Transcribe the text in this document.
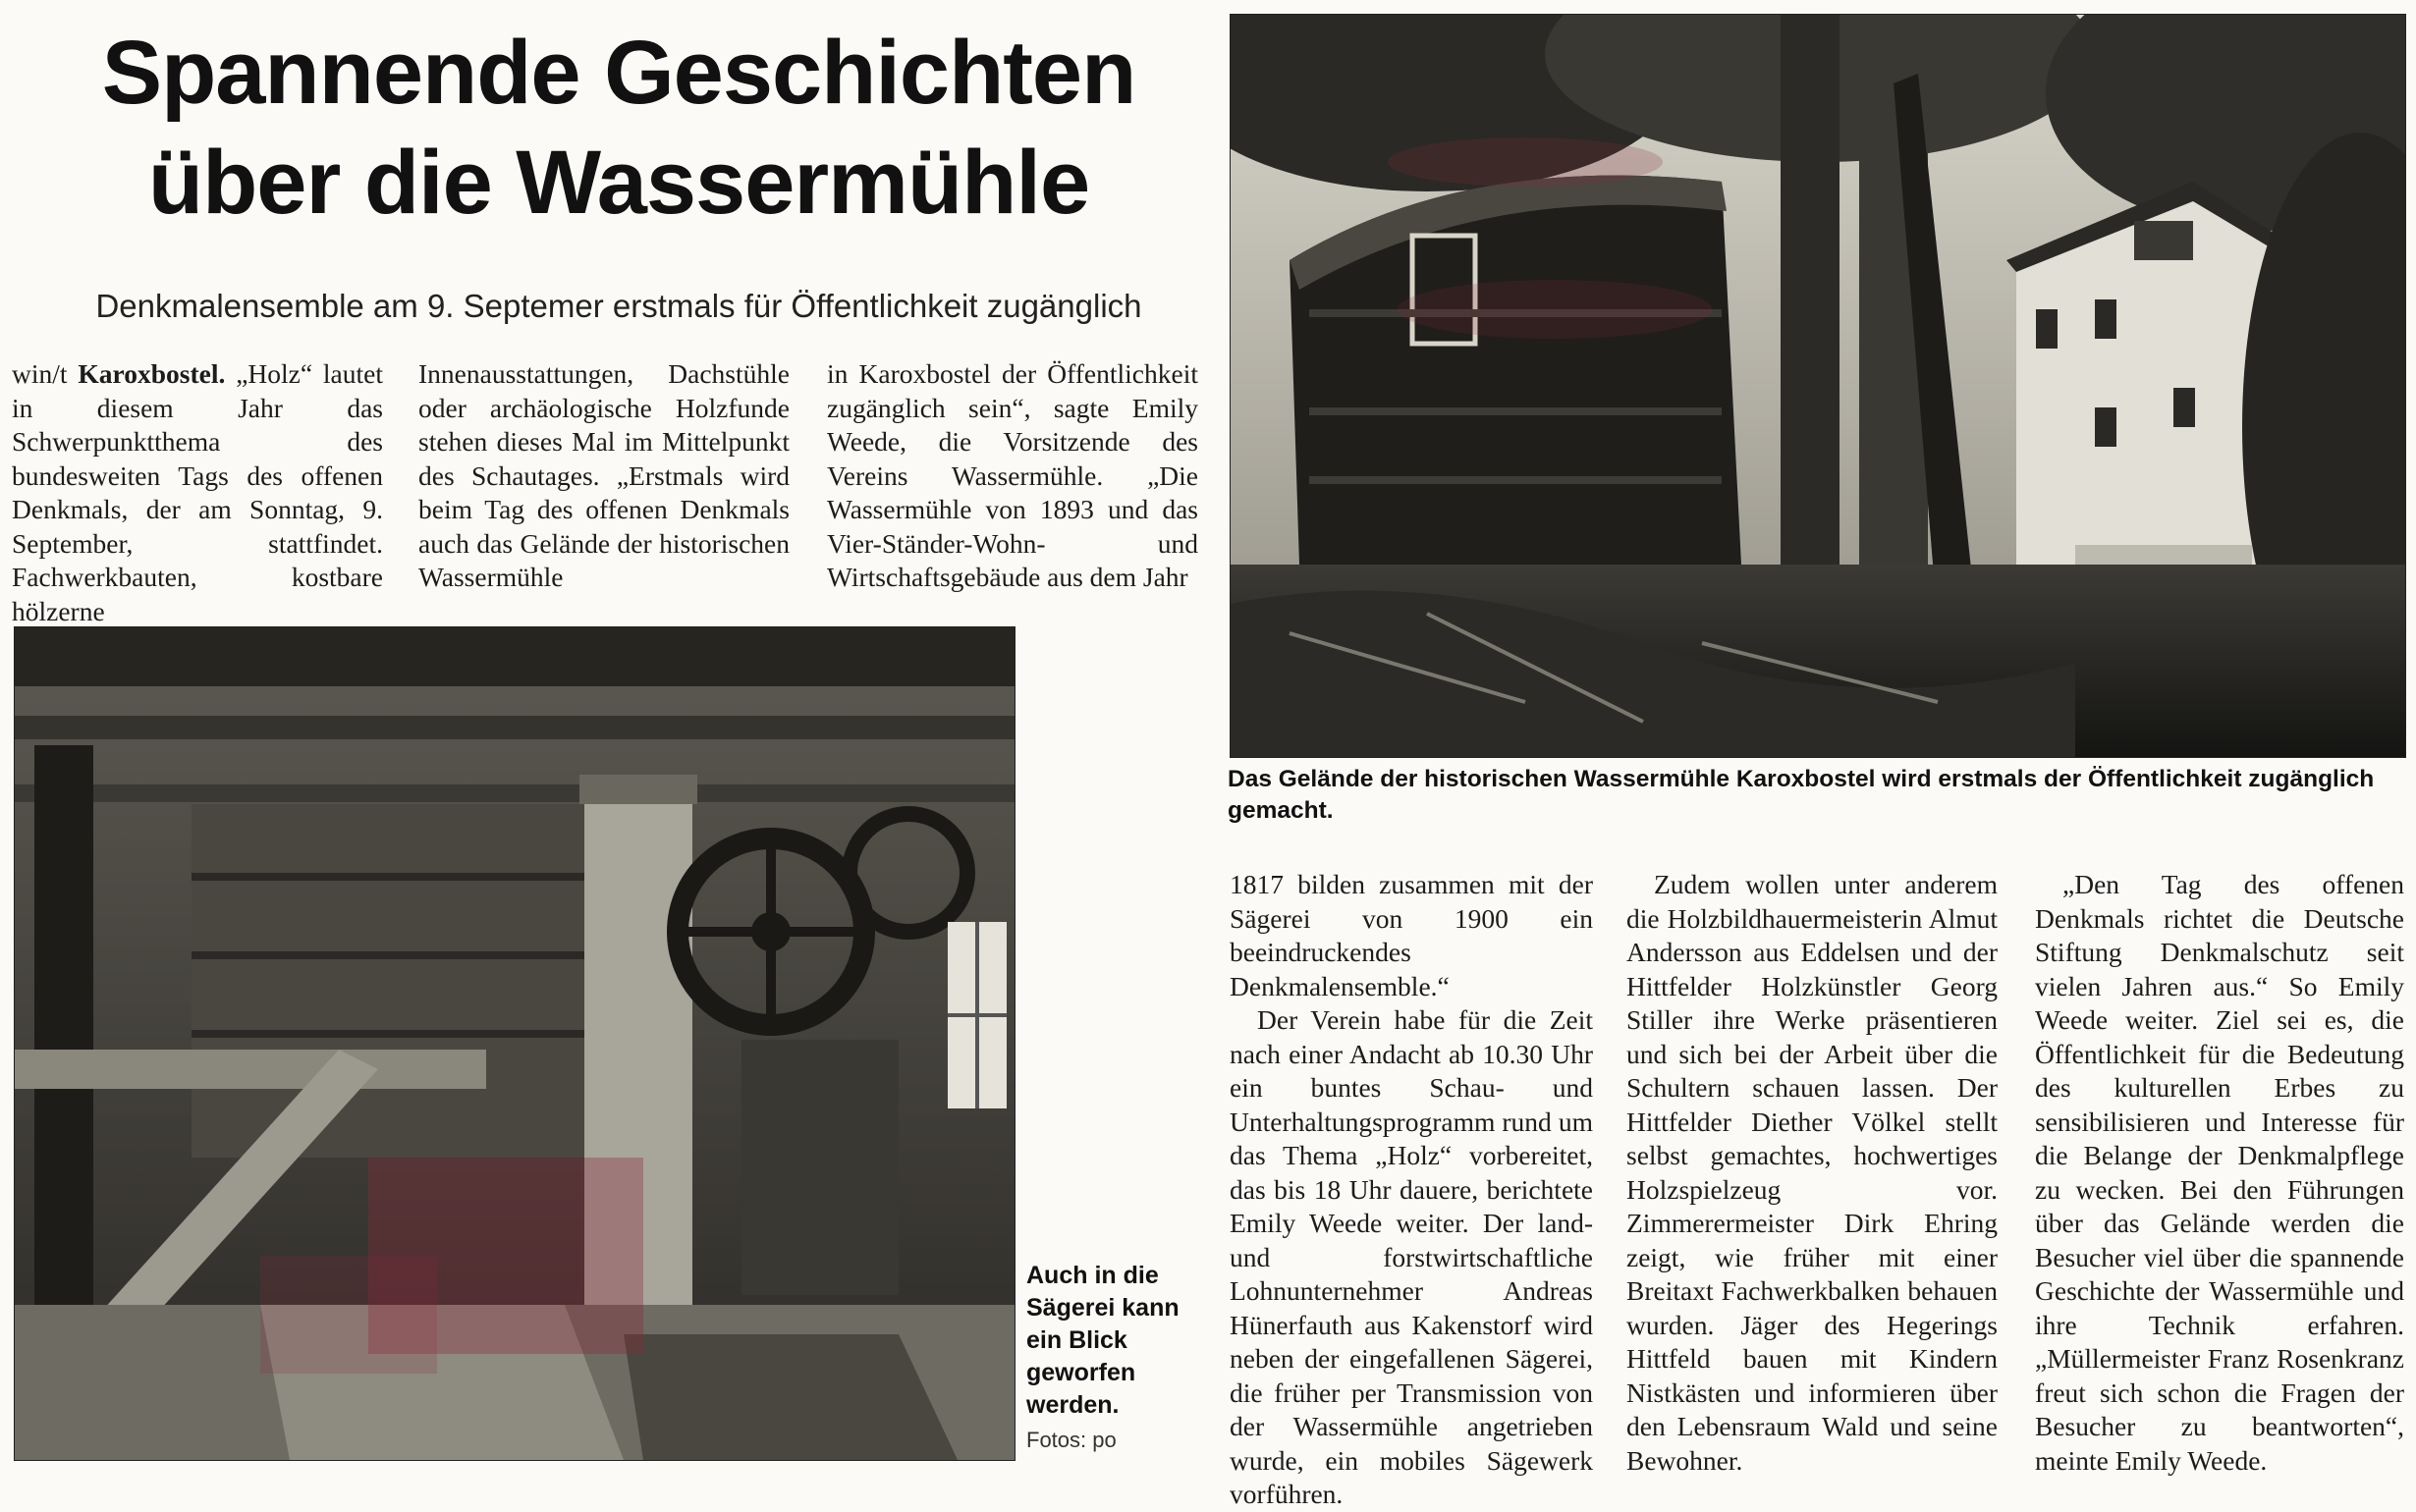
Spannende Geschichten
über die Wassermühle
Denkmalensemble am 9. Septemer erstmals für Öffentlichkeit zugänglich

win/t Karoxbostel. „Holz“ lautet in diesem Jahr das Schwerpunktthema des bundesweiten Tags des offenen Denkmals, der am Sonntag, 9. September, stattfindet. Fachwerkbauten, kostbare hölzerne

Innenausstattungen, Dachstühle oder archäologische Holzfunde stehen dieses Mal im Mittelpunkt des Schautages. „Erstmals wird beim Tag des offenen Denkmals auch das Gelände der historischen Wassermühle

in Karoxbostel der Öffentlichkeit zugänglich sein“, sagte Emily Weede, die Vorsitzende des Vereins Wassermühle. „Die Wassermühle von 1893 und das Vier-Ständer-Wohn- und Wirtschaftsgebäude aus dem Jahr

Das Gelände der historischen Wassermühle Karoxbostel wird erstmals der Öffentlichkeit zugänglich gemacht.
Auch in die
Sägerei kann
ein Blick
geworfen
werden.
Fotos: po

1817 bilden zusammen mit der Sägerei von 1900 ein beeindruckendes Denkmalensemble.“

Der Verein habe für die Zeit nach einer Andacht ab 10.30 Uhr ein buntes Schau- und Unterhaltungsprogramm rund um das Thema „Holz“ vorbereitet, das bis 18 Uhr dauere, berichtete Emily Weede weiter. Der land- und forstwirtschaftliche Lohnunternehmer Andreas Hünerfauth aus Kakenstorf wird neben der eingefallenen Sägerei, die früher per Transmission von der Wassermühle angetrieben wurde, ein mobiles Sägewerk vorführen.

Zudem wollen unter anderem die Holzbildhauermeisterin Almut Andersson aus Eddelsen und der Hittfelder Holzkünstler Georg Stiller ihre Werke präsentieren und sich bei der Arbeit über die Schultern schauen lassen. Der Hittfelder Diether Völkel stellt selbst gemachtes, hochwertiges Holzspielzeug vor. Zimmerermeister Dirk Ehring zeigt, wie früher mit einer Breitaxt Fachwerkbalken behauen wurden. Jäger des Hegerings Hittfeld bauen mit Kindern Nistkästen und informieren über den Lebensraum Wald und seine Bewohner.

„Den Tag des offenen Denkmals richtet die Deutsche Stiftung Denkmalschutz seit vielen Jahren aus.“ So Emily Weede weiter. Ziel sei es, die Öffentlichkeit für die Bedeutung des kulturellen Erbes zu sensibilisieren und Interesse für die Belange der Denkmalpflege zu wecken. Bei den Führungen über das Gelände werden die Besucher viel über die spannende Geschichte der Wassermühle und ihre Technik erfahren. „Müllermeister Franz Rosenkranz freut sich schon die Fragen der Besucher zu beantworten“, meinte Emily Weede.
